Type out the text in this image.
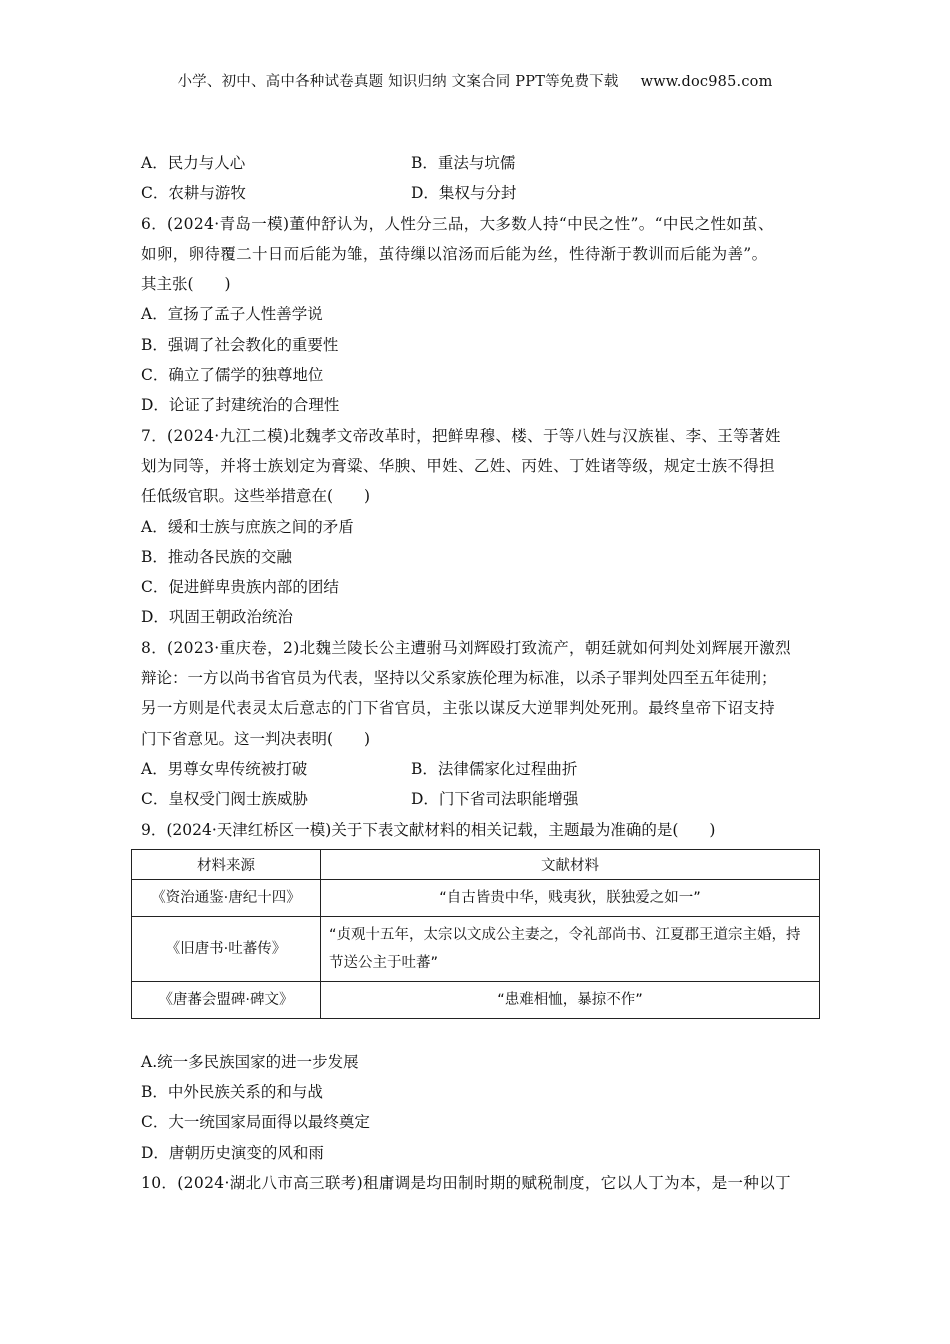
小学、初中、高中各种试卷真题 知识归纳 文案合同 PPT等免费下载 www.doc985.com
A．民力与人心	B．重法与坑儒
C．农耕与游牧	D．集权与分封
6．(2024·青岛一模)董仲舒认为，人性分三品，大多数人持“中民之性”。“中民之性如茧、
如卵，卵待覆二十日而后能为雏，茧待缫以涫汤而后能为丝，性待渐于教训而后能为善”。
其主张(　　)
A．宣扬了孟子人性善学说
B．强调了社会教化的重要性
C．确立了儒学的独尊地位
D．论证了封建统治的合理性
7．(2024·九江二模)北魏孝文帝改革时，把鲜卑穆、楼、于等八姓与汉族崔、李、王等著姓
划为同等，并将士族划定为膏粱、华腴、甲姓、乙姓、丙姓、丁姓诸等级，规定士族不得担
任低级官职。这些举措意在(　　)
A．缓和士族与庶族之间的矛盾
B．推动各民族的交融
C．促进鲜卑贵族内部的团结
D．巩固王朝政治统治
8．(2023·重庆卷，2)北魏兰陵长公主遭驸马刘辉殴打致流产，朝廷就如何判处刘辉展开激烈
辩论：一方以尚书省官员为代表，坚持以父系家族伦理为标准，以杀子罪判处四至五年徒刑；
另一方则是代表灵太后意志的门下省官员，主张以谋反大逆罪判处死刑。最终皇帝下诏支持
门下省意见。这一判决表明(　　)
A．男尊女卑传统被打破	B．法律儒家化过程曲折
C．皇权受门阀士族威胁	D．门下省司法职能增强
9．(2024·天津红桥区一模)关于下表文献材料的相关记载，主题最为准确的是(　　)
材料来源	文献材料
《资治通鉴·唐纪十四》	“自古皆贵中华，贱夷狄，朕独爱之如一”
《旧唐书·吐蕃传》	“贞观十五年，太宗以文成公主妻之，令礼部尚书、江夏郡王道宗主婚，持节送公主于吐蕃”
《唐蕃会盟碑·碑文》	“患难相恤，暴掠不作”
A.统一多民族国家的进一步发展
B．中外民族关系的和与战
C．大一统国家局面得以最终奠定
D．唐朝历史演变的风和雨
10．(2024·湖北八市高三联考)租庸调是均田制时期的赋税制度，它以人丁为本，是一种以丁
